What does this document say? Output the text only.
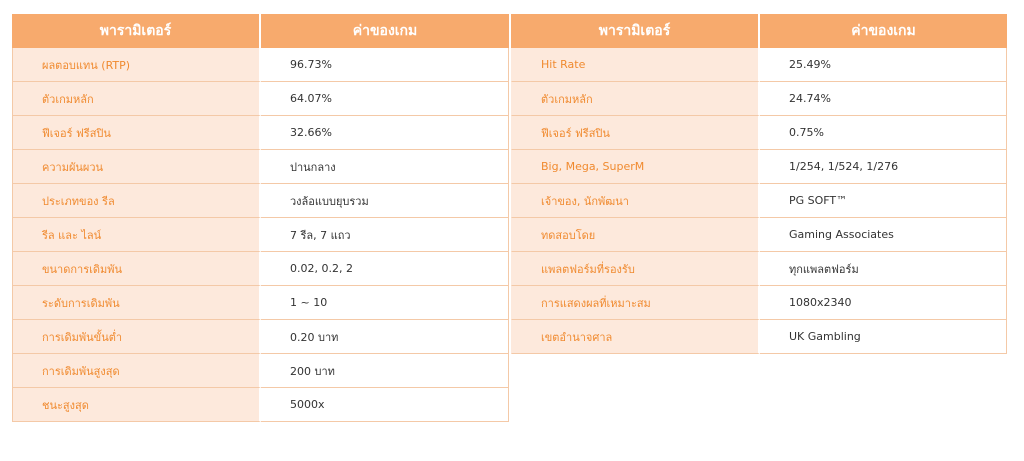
พารามิเตอร์	ค่าของเกม
ผลตอบแทน (RTP)	96.73%
ตัวเกมหลัก	64.07%
ฟีเจอร์ ฟรีสปิน	32.66%
ความผันผวน	ปานกลาง
ประเภทของ รีล	วงล้อแบบยุบรวม
รีล และ ไลน์	7 รีล, 7 แถว
ขนาดการเดิมพัน	0.02, 0.2, 2
ระดับการเดิมพัน	1 ~ 10
การเดิมพันขั้นต่ำ	0.20 บาท
การเดิมพันสูงสุด	200 บาท
ชนะสูงสุด	5000x
พารามิเตอร์	ค่าของเกม
Hit Rate	25.49%
ตัวเกมหลัก	24.74%
ฟีเจอร์ ฟรีสปิน	0.75%
Big, Mega, SuperM	1/254, 1/524, 1/276
เจ้าของ, นักพัฒนา	PG SOFT™
ทดสอบโดย	Gaming Associates
แพลตฟอร์มที่รองรับ	ทุกแพลตฟอร์ม
การแสดงผลที่เหมาะสม	1080x2340
เขตอำนาจศาล	UK Gambling
